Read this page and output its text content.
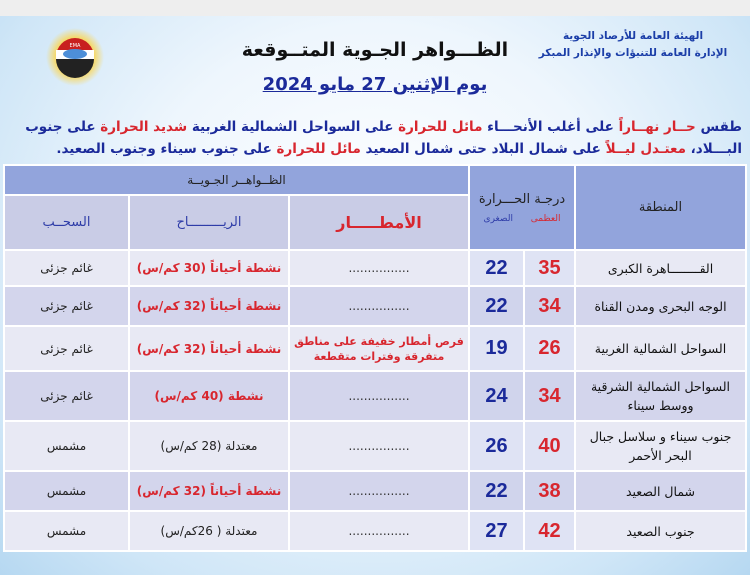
EMA
الهيئة العامة للأرصاد الجوية
الإدارة العامة للتنبؤات والإنذار المبكر
الظـــواهر الجـوية المتــوقعة
يوم الإثنين 27 مايو 2024
طقس حــار نهــاراً على أغلب الأنحـــاء مائل للحرارة على السواحل الشمالية الغربية شديد الحرارة على جنوب البـــلاد، معتـدل ليــلاً على شمال البلاد حتى شمال الصعيد مائل للحرارة على جنوب سيناء وجنوب الصعيد.
المنطقة	درجـة الحـــرارة
العظمى الصغرى		الظــواهــر الجـويــة		
			الأمطـــــار	الريـــــــــاح	السحــب
القــــــــاهرة الكبرى	35	22	................	نشطة أحياناً (30 كم/س)	غائم جزئى
الوجه البحرى ومدن القناة	34	22	................	نشطة أحياناً (32 كم/س)	غائم جزئى
السواحل الشمالية الغربية	26	19	فرص أمطار خفيفة على مناطق متفرقة وفترات متقطعة	نشطة أحياناً (32 كم/س)	غائم جزئى
السواحل الشمالية الشرقية ووسط سيناء	34	24	................	نشطة (40 كم/س)	غائم جزئى
جنوب سيناء و سلاسل جبال البحر الأحمر	40	26	................	معتدلة (28 كم/س)	مشمس
شمال الصعيد	38	22	................	نشطة أحياناً (32 كم/س)	مشمس
جنوب الصعيد	42	27	................	معتدلة ( 26كم/س)	مشمس
